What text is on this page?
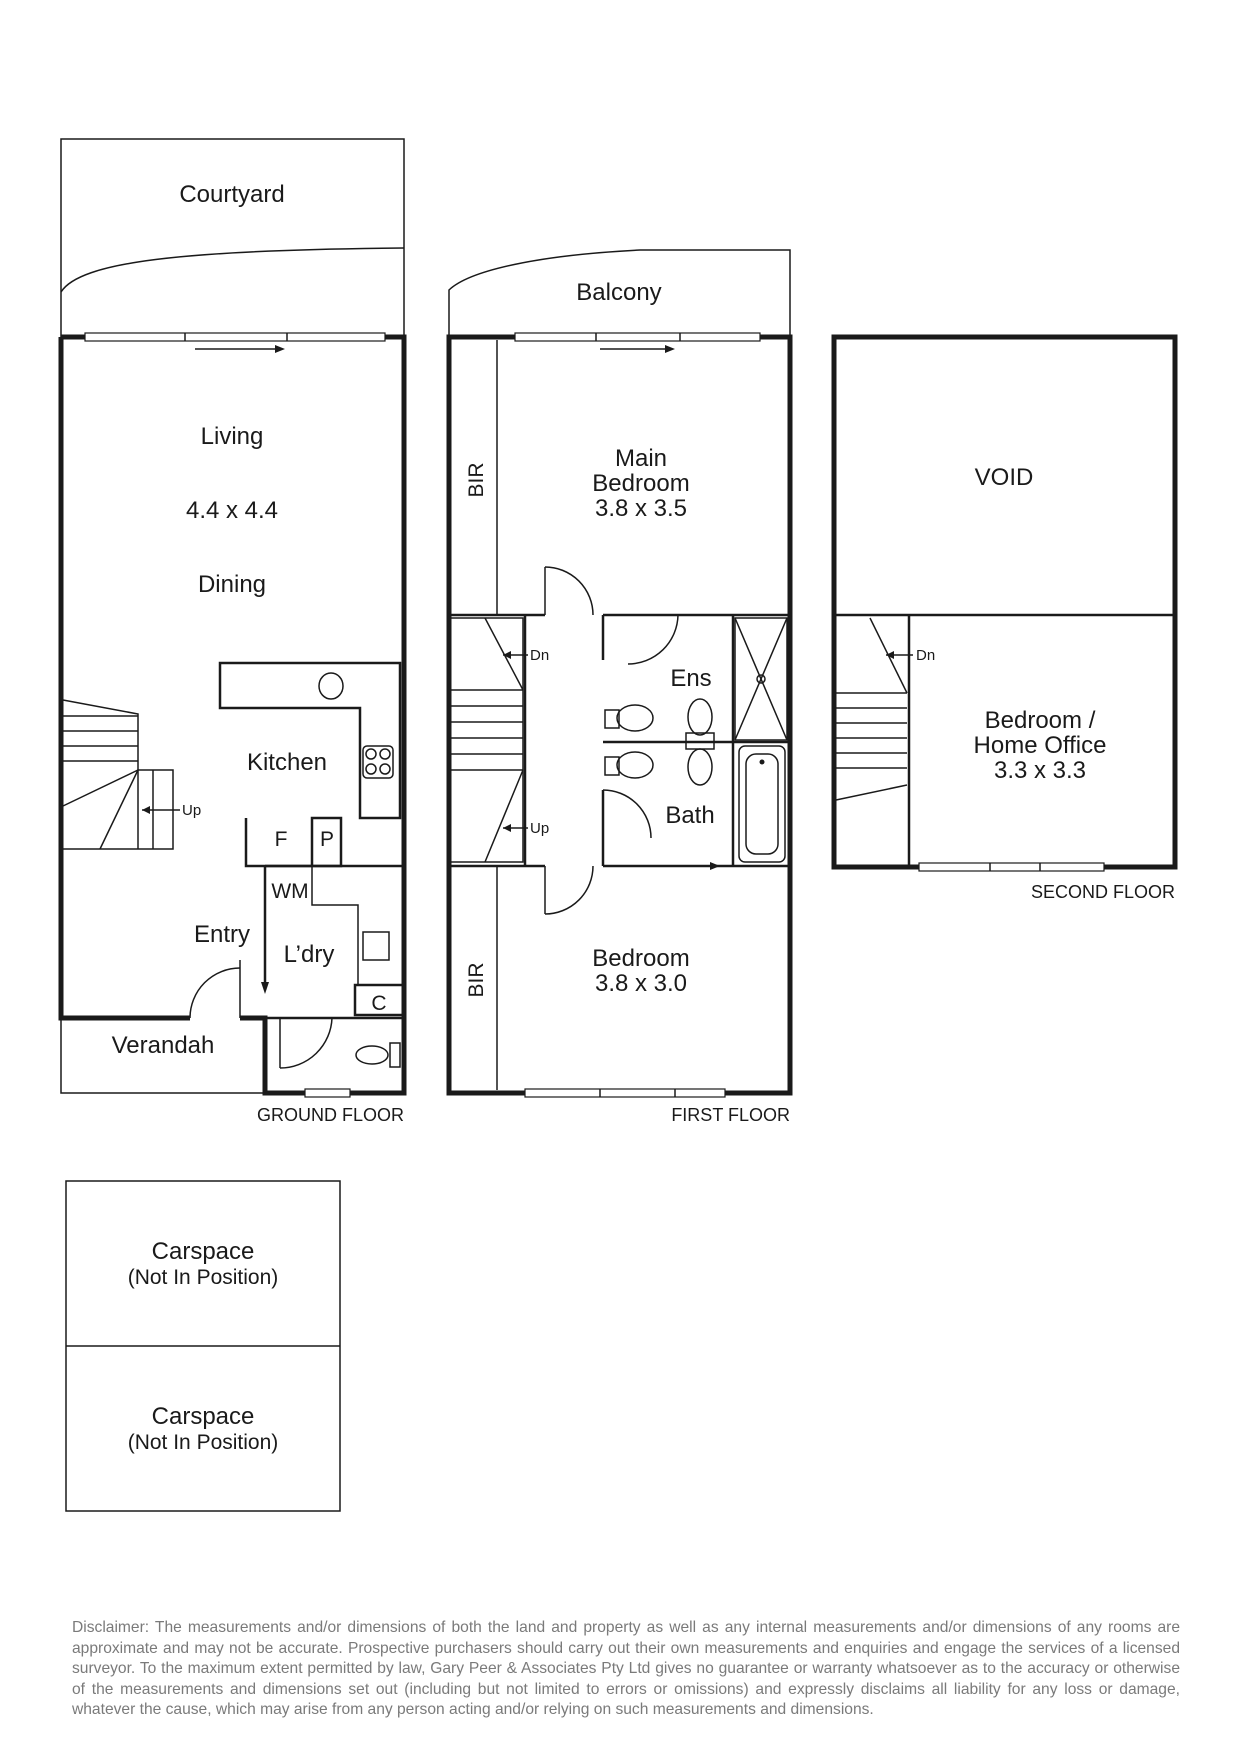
Courtyard
Living
4.4 x 4.4
Dining
Up
Kitchen
F P
WM
L’dry
C
Entry
Verandah
GROUND FLOOR
Balcony
BIR
Main
Bedroom
3.8 x 3.5
Dn
Up
Ens
Bath
BIR
Bedroom
3.8 x 3.0
FIRST FLOOR
VOID
Dn
Bedroom /
Home Office
3.3 x 3.3
SECOND FLOOR
Carspace
(Not In Position)
Carspace
(Not In Position)
Disclaimer: The measurements and/or dimensions of both the land and property as well as any internal measurements and/or dimensions of any rooms are approximate and may not be accurate. Prospective purchasers should carry out their own measurements and enquiries and engage the services of a licensed surveyor. To the maximum extent permitted by law, Gary Peer & Associates Pty Ltd gives no guarantee or warranty whatsoever as to the accuracy or otherwise of the measurements and dimensions set out (including but not limited to errors or omissions) and expressly disclaims all liability for any loss or damage, whatever the cause, which may arise from any person acting and/or relying on such measurements and dimensions.
